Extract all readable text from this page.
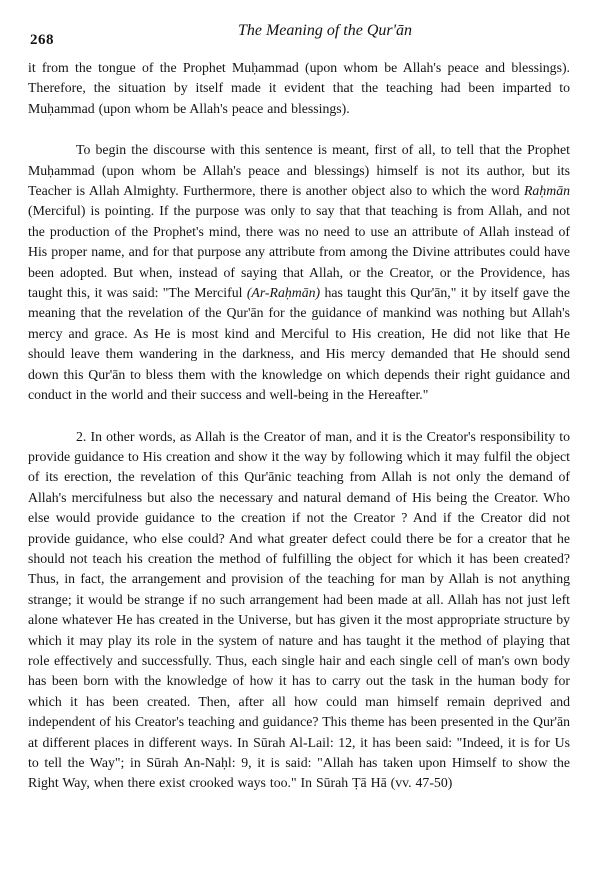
268
The Meaning of the Qur'ān

it from the tongue of the Prophet Muḥammad (upon whom be Allah's peace and blessings). Therefore, the situation by itself made it evident that the teaching had been imparted to Muḥammad (upon whom be Allah's peace and blessings).

To begin the discourse with this sentence is meant, first of all, to tell that the Prophet Muḥammad (upon whom be Allah's peace and blessings) himself is not its author, but its Teacher is Allah Almighty. Furthermore, there is another object also to which the word Raḥmān (Merciful) is pointing. If the purpose was only to say that that teaching is from Allah, and not the production of the Prophet's mind, there was no need to use an attribute of Allah instead of His proper name, and for that purpose any attribute from among the Divine attributes could have been adopted. But when, instead of saying that Allah, or the Creator, or the Providence, has taught this, it was said: "The Merciful (Ar-Raḥmān) has taught this Qur'ān," it by itself gave the meaning that the revelation of the Qur'ān for the guidance of mankind was nothing but Allah's mercy and grace. As He is most kind and Merciful to His creation, He did not like that He should leave them wandering in the darkness, and His mercy demanded that He should send down this Qur'ān to bless them with the knowledge on which depends their right guidance and conduct in the world and their success and well-being in the Hereafter."

2. In other words, as Allah is the Creator of man, and it is the Creator's responsibility to provide guidance to His creation and show it the way by following which it may fulfil the object of its erection, the revelation of this Qur'ānic teaching from Allah is not only the demand of Allah's mercifulness but also the necessary and natural demand of His being the Creator. Who else would provide guidance to the creation if not the Creator ? And if the Creator did not provide guidance, who else could? And what greater defect could there be for a creator that he should not teach his creation the method of fulfilling the object for which it has been created? Thus, in fact, the arrangement and provision of the teaching for man by Allah is not anything strange; it would be strange if no such arrangement had been made at all. Allah has not just left alone whatever He has created in the Universe, but has given it the most appropriate structure by which it may play its role in the system of nature and has taught it the method of playing that role effectively and successfully. Thus, each single hair and each single cell of man's own body has been born with the knowledge of how it has to carry out the task in the human body for which it has been created. Then, after all how could man himself remain deprived and independent of his Creator's teaching and guidance? This theme has been presented in the Qur'ān at different places in different ways. In Sūrah Al-Lail: 12, it has been said: "Indeed, it is for Us to tell the Way"; in Sūrah An-Naḥl: 9, it is said: "Allah has taken upon Himself to show the Right Way, when there exist crooked ways too." In Sūrah Ṭā Hā (vv. 47-50)
